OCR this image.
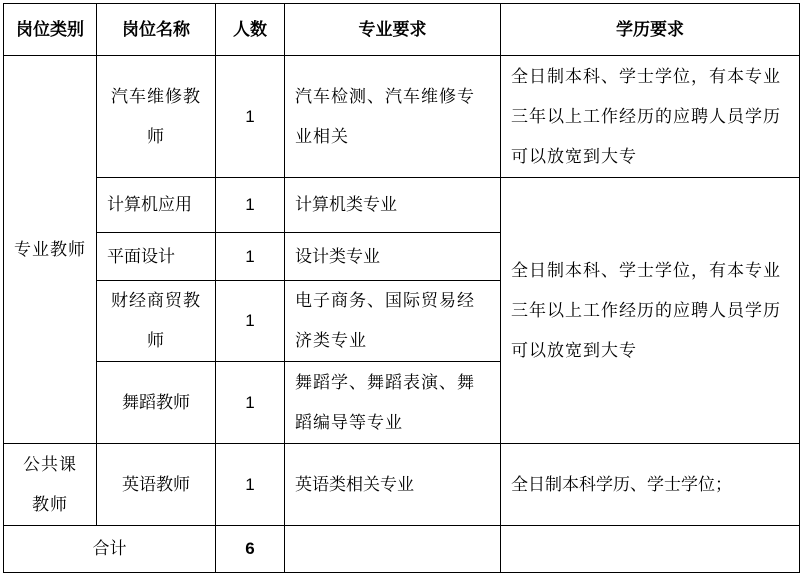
岗位类别	岗位名称	人数	专业要求	学历要求
专业教师	汽车维修教师	1	汽车检测、汽车维修专业相关	全日制本科、学士学位，有本专业三年以上工作经历的应聘人员学历可以放宽到大专
	计算机应用	1	计算机类专业	全日制本科、学士学位，有本专业三年以上工作经历的应聘人员学历可以放宽到大专
	平面设计	1	设计类专业	
	财经商贸教师	1	电子商务、国际贸易经济类专业	
	舞蹈教师	1	舞蹈学、舞蹈表演、舞蹈编导等专业	
公共课教师	英语教师	1	英语类相关专业	全日制本科学历、学士学位；
合计		6		
